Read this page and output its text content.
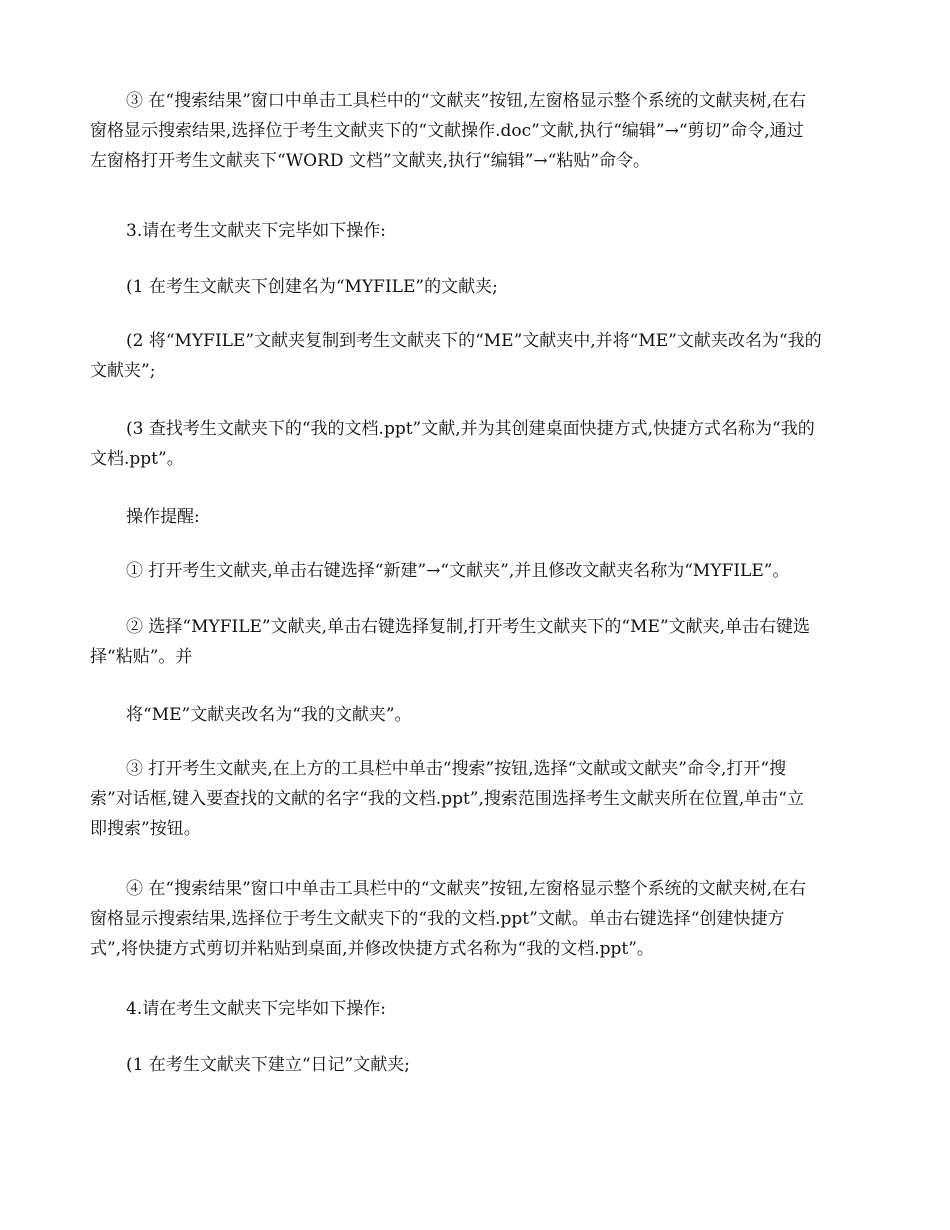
③ 在“搜索结果”窗口中单击工具栏中的“文献夹”按钮,左窗格显示整个系统的文献夹树,在右
窗格显示搜索结果,选择位于考生文献夹下的“文献操作.doc”文献,执行“编辑”→“剪切”命令,通过
左窗格打开考生文献夹下“WORD 文档”文献夹,执行“编辑”→“粘贴”命令。

3.请在考生文献夹下完毕如下操作:

(1 在考生文献夹下创建名为“MYFILE”的文献夹;

(2 将“MYFILE”文献夹复制到考生文献夹下的“ME”文献夹中,并将“ME”文献夹改名为“我的
文献夹”;

(3 查找考生文献夹下的“我的文档.ppt”文献,并为其创建桌面快捷方式,快捷方式名称为“我的
文档.ppt”。

操作提醒:

① 打开考生文献夹,单击右键选择“新建”→“文献夹”,并且修改文献夹名称为“MYFILE”。

② 选择“MYFILE”文献夹,单击右键选择复制,打开考生文献夹下的“ME”文献夹,单击右键选
择“粘贴”。并

将“ME”文献夹改名为“我的文献夹”。

③ 打开考生文献夹,在上方的工具栏中单击“搜索”按钮,选择“文献或文献夹”命令,打开“搜
索”对话框,键入要查找的文献的名字“我的文档.ppt”,搜索范围选择考生文献夹所在位置,单击“立
即搜索”按钮。

④ 在“搜索结果”窗口中单击工具栏中的“文献夹”按钮,左窗格显示整个系统的文献夹树,在右
窗格显示搜索结果,选择位于考生文献夹下的“我的文档.ppt”文献。单击右键选择“创建快捷方
式”,将快捷方式剪切并粘贴到桌面,并修改快捷方式名称为“我的文档.ppt”。

4.请在考生文献夹下完毕如下操作:

(1 在考生文献夹下建立“日记”文献夹;
